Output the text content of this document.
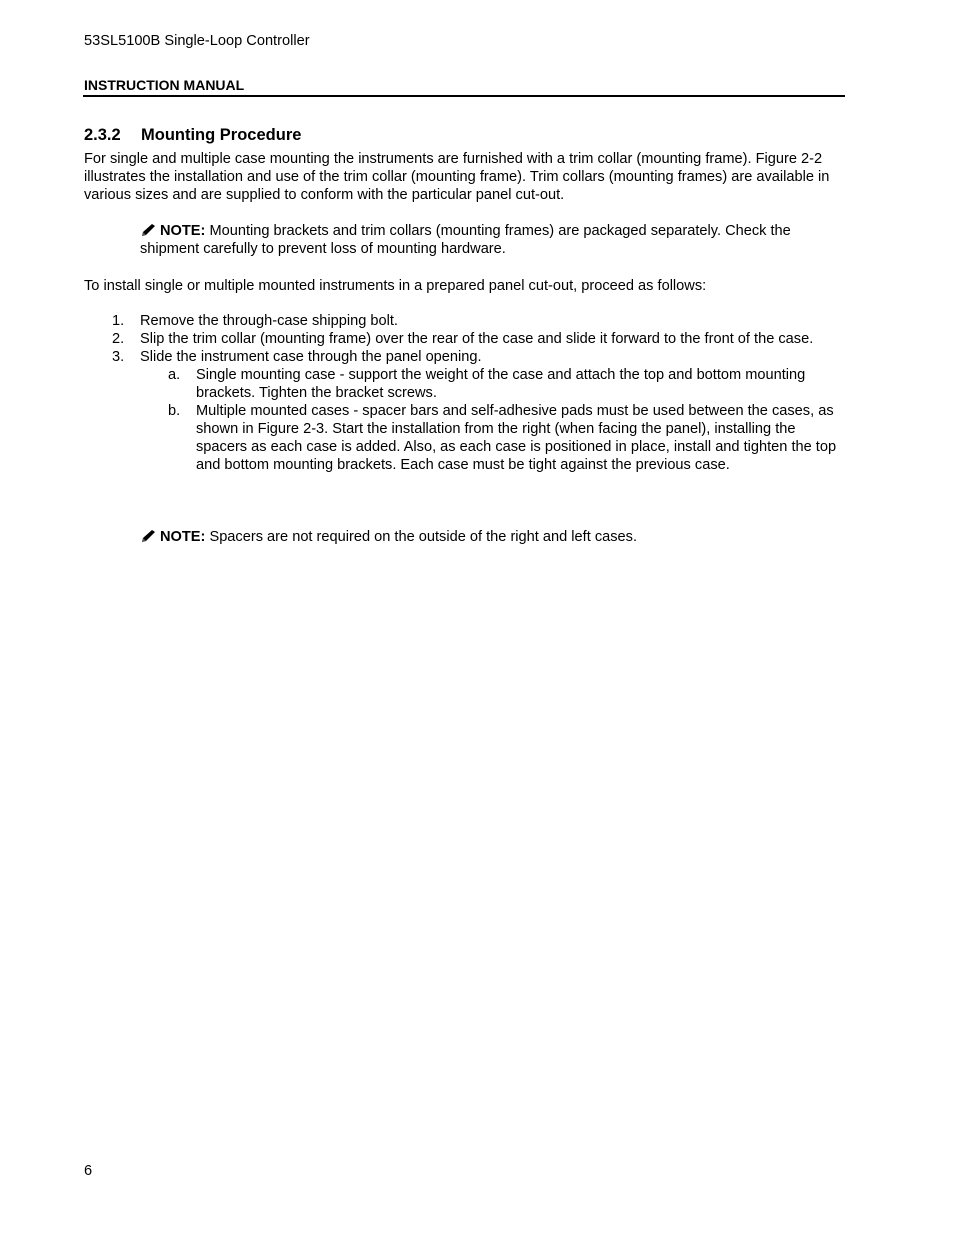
53SL5100B Single-Loop Controller
INSTRUCTION MANUAL
2.3.2 Mounting Procedure
For single and multiple case mounting the instruments are furnished with a trim collar (mounting frame). Figure 2-2 illustrates the installation and use of the trim collar (mounting frame). Trim collars (mounting frames) are available in various sizes and are supplied to conform with the particular panel cut-out.
NOTE: Mounting brackets and trim collars (mounting frames) are packaged separately. Check the shipment carefully to prevent loss of mounting hardware.
To install single or multiple mounted instruments in a prepared panel cut-out, proceed as follows:
1. Remove the through-case shipping bolt.
2. Slip the trim collar (mounting frame) over the rear of the case and slide it forward to the front of the case.
3. Slide the instrument case through the panel opening.
a. Single mounting case - support the weight of the case and attach the top and bottom mounting brackets. Tighten the bracket screws.
b. Multiple mounted cases - spacer bars and self-adhesive pads must be used between the cases, as shown in Figure 2-3. Start the installation from the right (when facing the panel), installing the spacers as each case is added. Also, as each case is positioned in place, install and tighten the top and bottom mounting brackets. Each case must be tight against the previous case.
NOTE: Spacers are not required on the outside of the right and left cases.
6
